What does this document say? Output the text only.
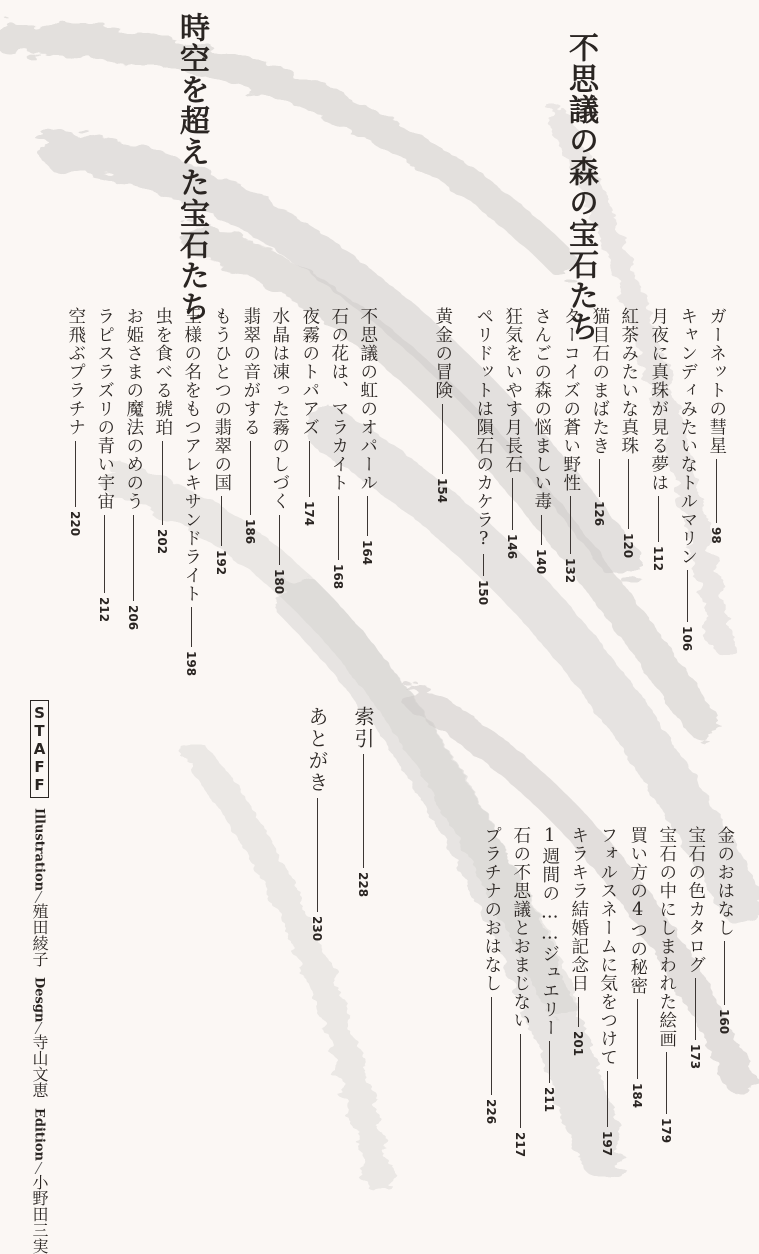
不思議の森の宝石たち
ガーネットの彗星
98
キャンディみたいなトルマリン
106
月夜に真珠が見る夢は
112
紅茶みたいな真珠
120
猫目石のまばたき
126
ターコイズの蒼い野性
132
さんごの森の悩ましい毒
140
狂気をいやす月長石
146
ペリドットは隕石のカケラ?
150
黄金の冒険
154
時空を超えた宝石たち
不思議の虹のオパール
164
石の花は、マラカイト
168
夜霧のトパアズ
174
水晶は凍った霧のしづく
180
翡翠の音がする
186
もうひとつの翡翠の国
192
王様の名をもつアレキサンドライト
198
虫を食べる琥珀
202
お姫さまの魔法のめのう
206
ラピスラズリの青い宇宙
212
空飛ぶプラチナ
220
索引
228
あとがき
230	金のおはなし
160
宝石の色カタログ
173
宝石の中にしまわれた絵画
179
買い方の4つの秘密
184
フォルスネームに気をつけて
197
キラキラ結婚記念日
201
1週間の……ジュエリー
211
石の不思議とおまじない
217
プラチナのおはなし
226
STAFF
Illustration
殖田綾子
Desgn
寺山文恵
Edition
小野田三実
